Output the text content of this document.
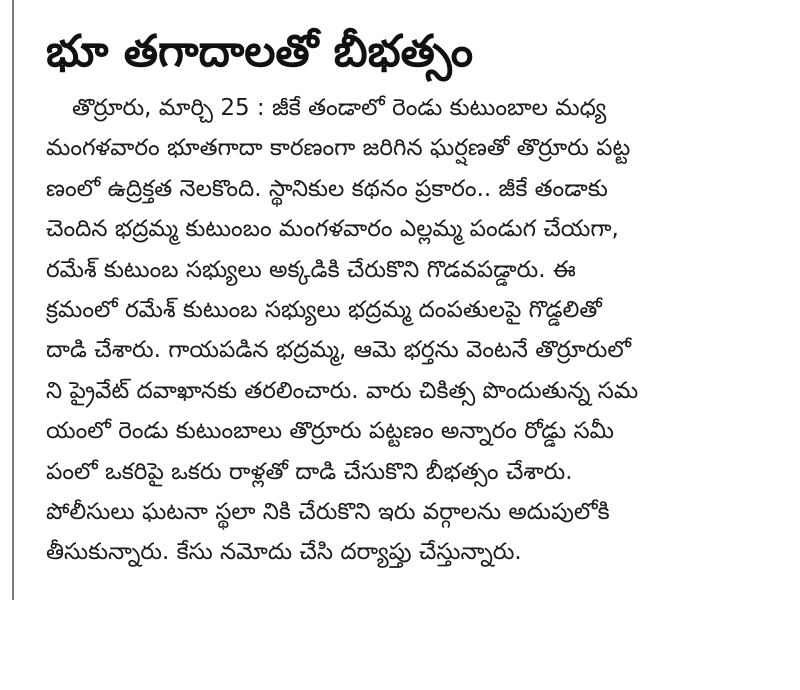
భూ తగాదాలతో బీభత్సం
తొర్రూరు, మార్చి 25 : జీకే తండాలో రెండు కుటుంబాల మధ్య
మంగళవారం భూతగాదా కారణంగా జరిగిన ఘర్షణతో తొర్రూరు పట్ట
ణంలో ఉద్రిక్తత నెలకొంది. స్థానికుల కథనం ప్రకారం.. జీకే తండాకు
చెందిన భద్రమ్మ కుటుంబం మంగళవారం ఎల్లమ్మ పండుగ చేయగా,
రమేశ్ కుటుంబ సభ్యులు అక్కడికి చేరుకొని గొడవపడ్డారు. ఈ
క్రమంలో రమేశ్ కుటుంబ సభ్యులు భద్రమ్మ దంపతులపై గొడ్డలితో
దాడి చేశారు. గాయపడిన భద్రమ్మ, ఆమె భర్తను వెంటనే తొర్రూరులో
ని ప్రైవేట్ దవాఖానకు తరలించారు. వారు చికిత్స పొందుతున్న సమ
యంలో రెండు కుటుంబాలు తొర్రూరు పట్టణం అన్నారం రోడ్డు సమీ
పంలో ఒకరిపై ఒకరు రాళ్లతో దాడి చేసుకొని బీభత్సం చేశారు.
పోలీసులు ఘటనా స్థలా నికి చేరుకొని ఇరు వర్గాలను అదుపులోకి
తీసుకున్నారు. కేసు నమోదు చేసి దర్యాప్తు చేస్తున్నారు.
